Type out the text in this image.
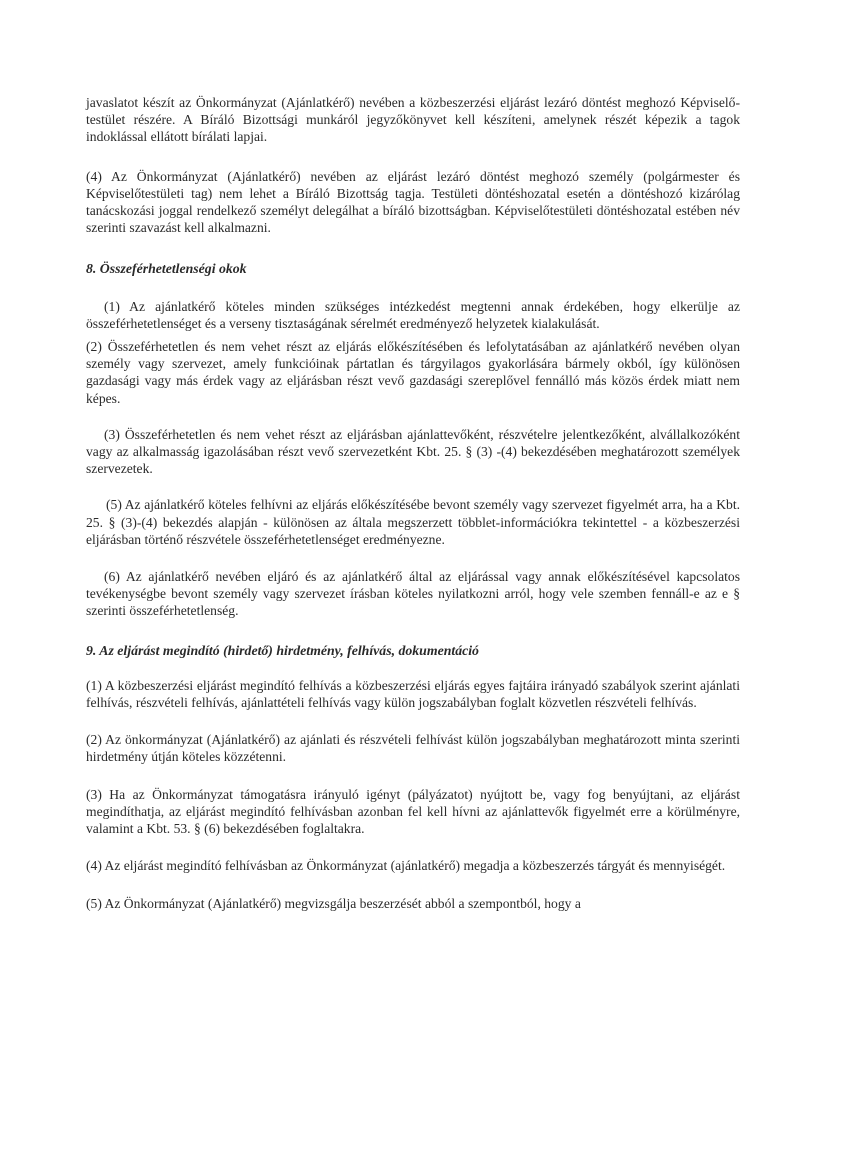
javaslatot készít az Önkormányzat (Ajánlatkérő) nevében a közbeszerzési eljárást lezáró döntést meghozó Képviselő-testület részére. A Bíráló Bizottsági munkáról jegyzőkönyvet kell készíteni, amelynek részét képezik a tagok indoklással ellátott bírálati lapjai.

(4) Az Önkormányzat (Ajánlatkérő) nevében az eljárást lezáró döntést meghozó személy (polgármester és Képviselőtestületi tag) nem lehet a Bíráló Bizottság tagja. Testületi döntéshozatal esetén a döntéshozó kizárólag tanácskozási joggal rendelkező személyt delegálhat a bíráló bizottságban. Képviselőtestületi döntéshozatal estében név szerinti szavazást kell alkalmazni.

8. Összeférhetetlenségi okok

(1) Az ajánlatkérő köteles minden szükséges intézkedést megtenni annak érdekében, hogy elkerülje az összeférhetetlenséget és a verseny tisztaságának sérelmét eredményező helyzetek kialakulását.

(2) Összeférhetetlen és nem vehet részt az eljárás előkészítésében és lefolytatásában az ajánlatkérő nevében olyan személy vagy szervezet, amely funkcióinak pártatlan és tárgyilagos gyakorlására bármely okból, így különösen gazdasági vagy más érdek vagy az eljárásban részt vevő gazdasági szereplővel fennálló más közös érdek miatt nem képes.

(3) Összeférhetetlen és nem vehet részt az eljárásban ajánlattevőként, részvételre jelentkezőként, alvállalkozóként vagy az alkalmasság igazolásában részt vevő szervezetként Kbt. 25. § (3) -(4) bekezdésében meghatározott személyek szervezetek.

(5) Az ajánlatkérő köteles felhívni az eljárás előkészítésébe bevont személy vagy szervezet figyelmét arra, ha a Kbt. 25. § (3)-(4) bekezdés alapján - különösen az általa megszerzett többlet-információkra tekintettel - a közbeszerzési eljárásban történő részvétele összeférhetetlenséget eredményezne.

(6) Az ajánlatkérő nevében eljáró és az ajánlatkérő által az eljárással vagy annak előkészítésével kapcsolatos tevékenységbe bevont személy vagy szervezet írásban köteles nyilatkozni arról, hogy vele szemben fennáll-e az e § szerinti összeférhetetlenség.

9. Az eljárást megindító (hirdető) hirdetmény, felhívás, dokumentáció

(1) A közbeszerzési eljárást megindító felhívás a közbeszerzési eljárás egyes fajtáira irányadó szabályok szerint ajánlati felhívás, részvételi felhívás, ajánlattételi felhívás vagy külön jogszabályban foglalt közvetlen részvételi felhívás.

(2) Az önkormányzat (Ajánlatkérő) az ajánlati és részvételi felhívást külön jogszabályban meghatározott minta szerinti hirdetmény útján köteles közzétenni.

(3) Ha az Önkormányzat támogatásra irányuló igényt (pályázatot) nyújtott be, vagy fog benyújtani, az eljárást megindíthatja, az eljárást megindító felhívásban azonban fel kell hívni az ajánlattevők figyelmét erre a körülményre, valamint a Kbt. 53. § (6) bekezdésében foglaltakra.

(4) Az eljárást megindító felhívásban az Önkormányzat (ajánlatkérő) megadja a közbeszerzés tárgyát és mennyiségét.

(5) Az Önkormányzat (Ajánlatkérő) megvizsgálja beszerzését abból a szempontból, hogy a
